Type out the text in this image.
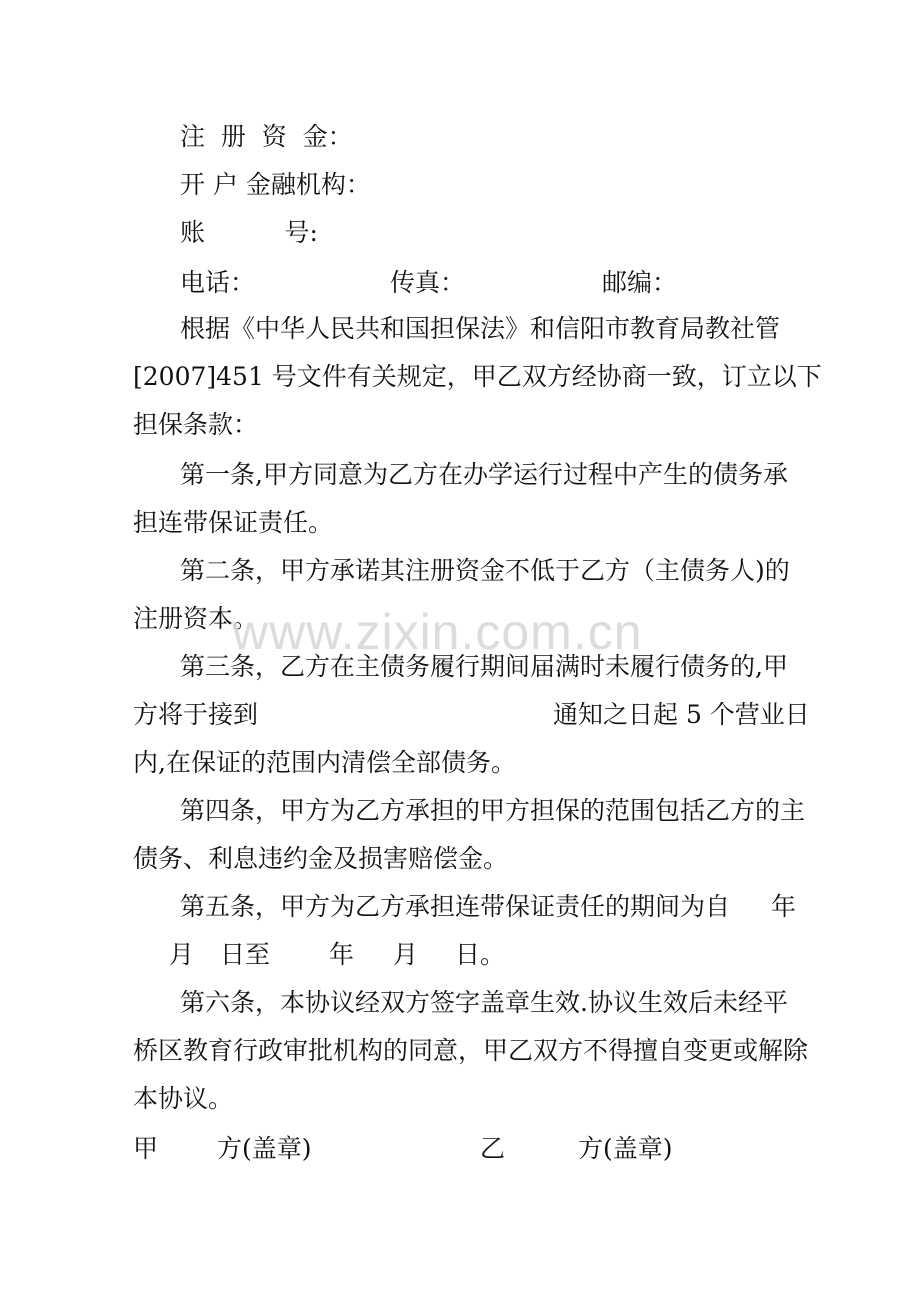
注  册  资  金：

开 户 金融机构：

账          号:

电话：	传真：	邮编：

根据《中华人民共和国担保法》和信阳市教育局教社管

[2007]451 号文件有关规定，甲乙双方经协商一致，订立以下

担保条款：

第一条,甲方同意为乙方在办学运行过程中产生的债务承

担连带保证责任。

第二条，甲方承诺其注册资金不低于乙方（主债务人)的

注册资本。

www.zixin.com.cn

第三条，乙方在主债务履行期间届满时未履行债务的,甲

方将于接到	通知之日起 5 个营业日

内,在保证的范围内清偿全部债务。

第四条，甲方为乙方承担的甲方担保的范围包括乙方的主

债务、利息违约金及损害赔偿金。

第五条，甲方为乙方承担连带保证责任的期间为自 年

月 日至 年 月 日。

第六条，本协议经双方签字盖章生效.协议生效后未经平

桥区教育行政审批机构的同意，甲乙双方不得擅自变更或解除

本协议。

甲 方(盖章)	乙	方(盖章)
